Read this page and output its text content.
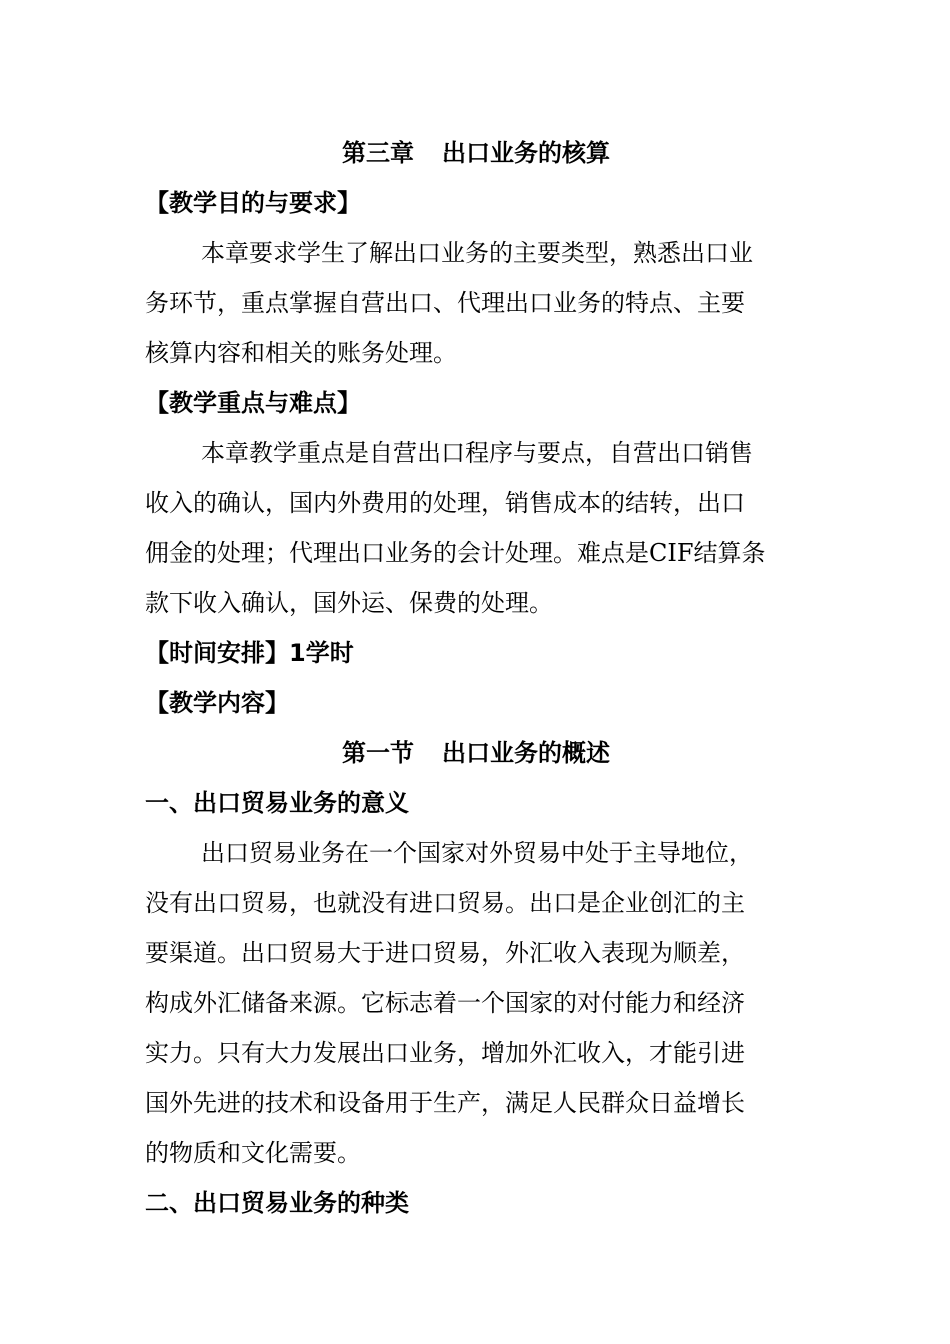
第三章 出口业务的核算
【教学目的与要求】
本章要求学生了解出口业务的主要类型，熟悉出口业
务环节，重点掌握自营出口、代理出口业务的特点、主要
核算内容和相关的账务处理。
【教学重点与难点】
本章教学重点是自营出口程序与要点，自营出口销售
收入的确认，国内外费用的处理，销售成本的结转，出口
佣金的处理；代理出口业务的会计处理。难点是CIF结算条
款下收入确认，国外运、保费的处理。
【时间安排】1学时
【教学内容】
第一节 出口业务的概述
一、出口贸易业务的意义
出口贸易业务在一个国家对外贸易中处于主导地位，
没有出口贸易，也就没有进口贸易。出口是企业创汇的主
要渠道。出口贸易大于进口贸易，外汇收入表现为顺差，
构成外汇储备来源。它标志着一个国家的对付能力和经济
实力。只有大力发展出口业务，增加外汇收入，才能引进
国外先进的技术和设备用于生产，满足人民群众日益增长
的物质和文化需要。
二、出口贸易业务的种类
